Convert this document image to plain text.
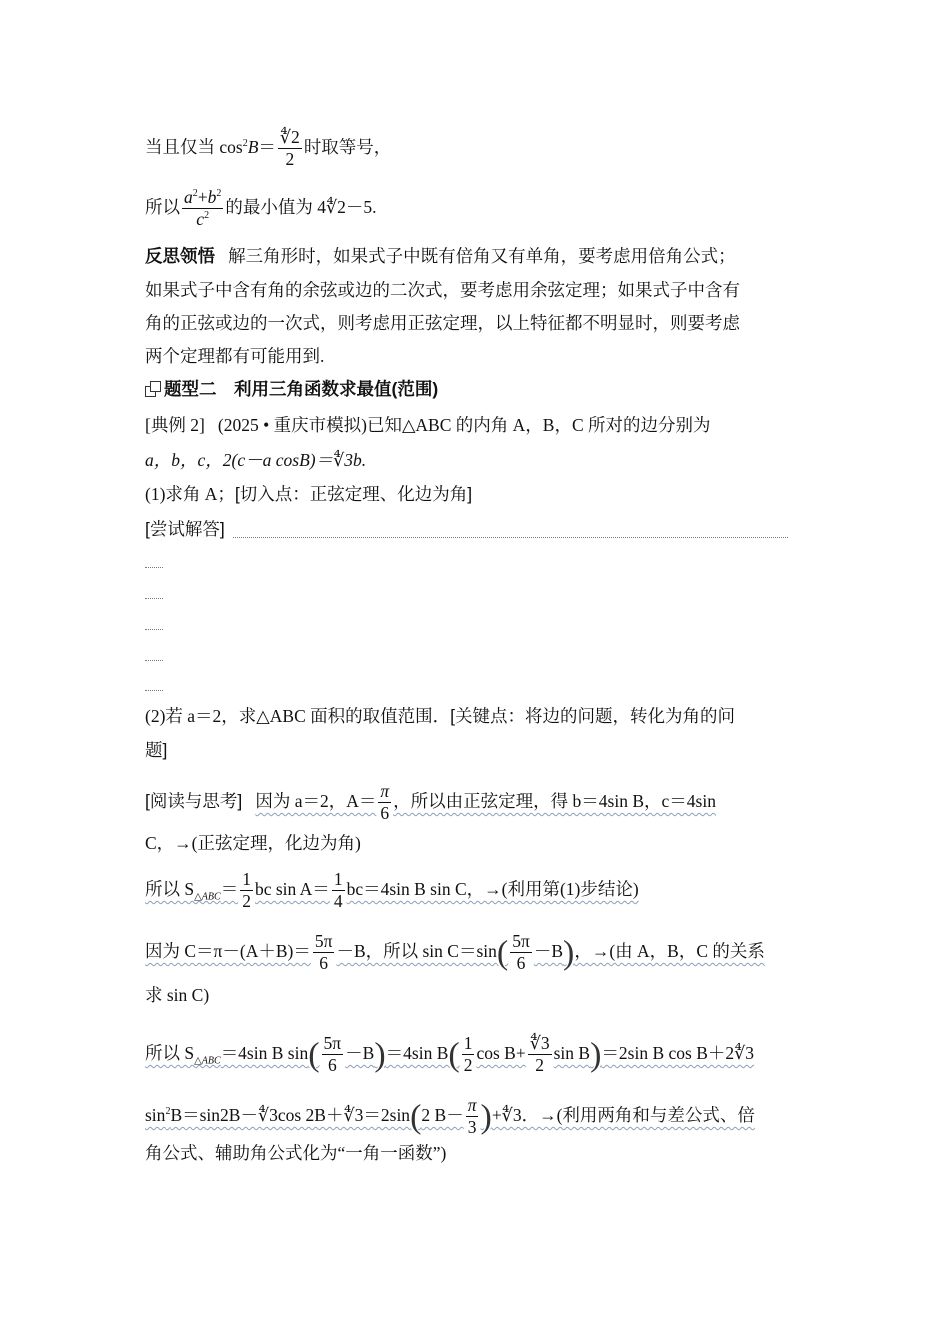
当且仅当 $\cos^2B= \frac{∜2}{2}$ 时取等号，
所以 $\frac{a^2+b^2}{c^2}$ 的最小值为 4∜2－5.
反思领悟 解三角形时，如果式子中既有倍角又有单角，要考虑用倍角公式；
如果式子中含有角的余弦或边的二次式，要考虑用余弦定理；如果式子中含有
角的正弦或边的一次式，则考虑用正弦定理，以上特征都不明显时，则要考虑
两个定理都有可能用到.
题型二　利用三角函数求最值(范围)
[典例 2] (2025 • 重庆市模拟)已知△ABC 的内角 A，B，C 所对的边分别为
a，b，c，2(c－a cosB)＝∜3b.
(1)求角 A；[切入点：正弦定理、化边为角]
[尝试解答]
(2)若 a＝2，求△ABC 面积的取值范围．[关键点：将边的问题，转化为角的问
题]
[阅读与思考] 因为 a＝2，$A= \frac{\pi}{6}$ ，所以由正弦定理，得 b＝4sin B，c＝4sin
C，→(正弦定理，化边为角)
所以 $S_{\triangle ABC}= \frac{1}{2}$ bc $\sin A= \frac{1}{4} bc=4\sin$ B sin C，→(利用第(1)步结论)
因为 $C=\pi-(A+B)= \frac{5\pi}{6} -B$，所以 $\sin C=\sin( \frac{5\pi}{6} -B)$，→(由 A，B，C 的关系
求 sin C)
所以 $S_{\triangle ABC}=4\sin$ B $\sin( \frac{5\pi}{6} -B)=4\sin$ $B( \frac{1}{2}$ $\cos B+ \frac{∜3}{2}$ sin B)＝2sin B cos B＋2∜3
$\sin^2B=\sin 2B-∜3\cos$ 2B＋∜3＝2sin(2 $B- \frac{\pi}{3}$ )+∜3．→(利用两角和与差公式、倍
角公式、辅助角公式化为“一角一函数”)
